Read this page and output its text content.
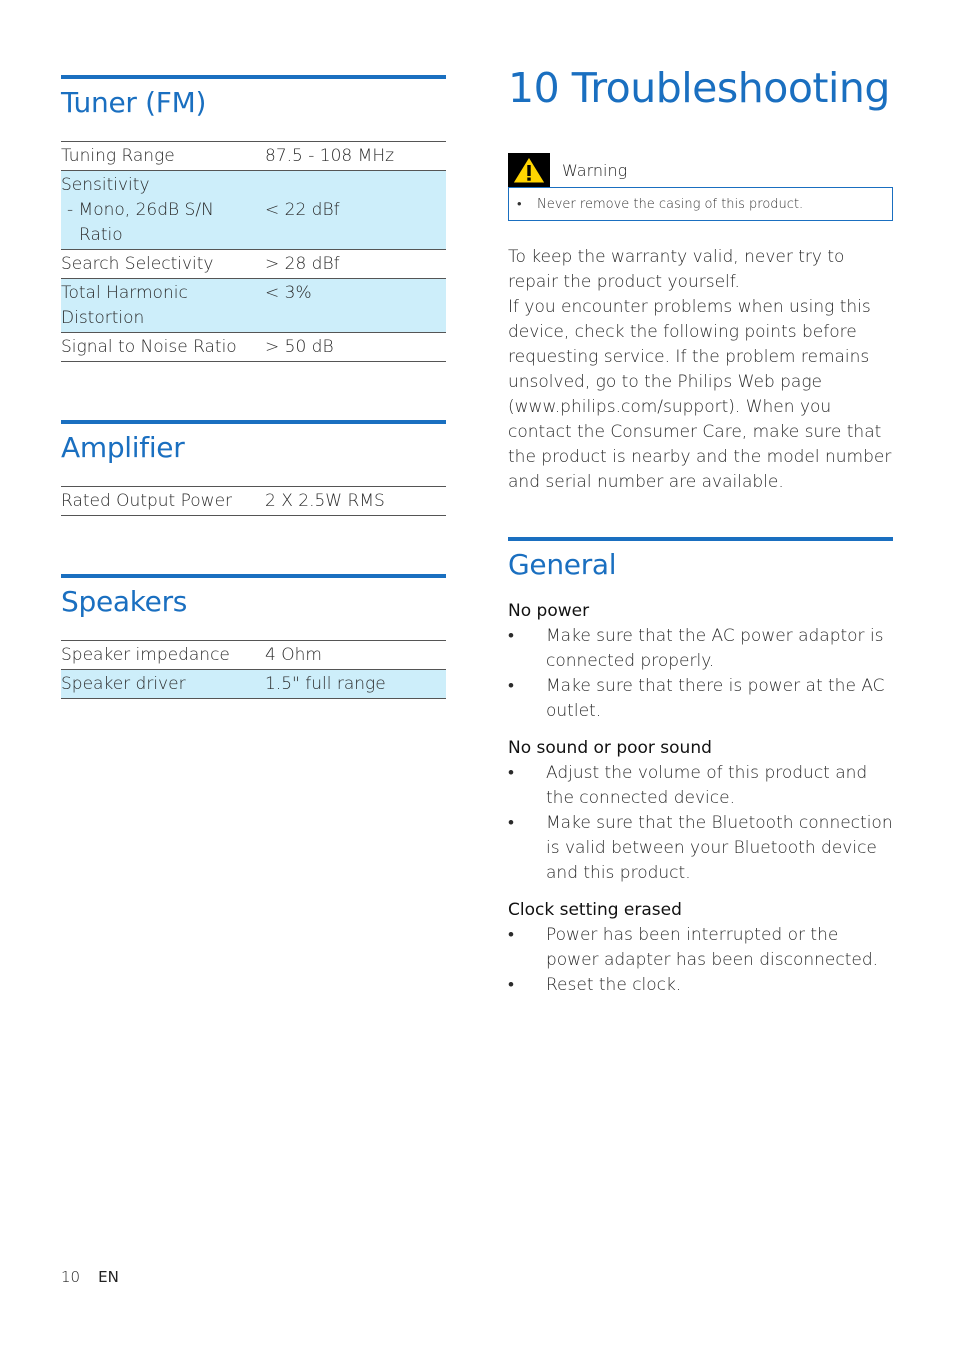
Tuner (FM)
Tuning Range	87.5 - 108 MHz
Sensitivity
- Mono, 26dB S/N
Ratio	< 22 dBf
Search Selectivity	> 28 dBf
Total Harmonic
Distortion	< 3%
Signal to Noise Ratio	> 50 dB
Amplifier
Rated Output Power	2 X 2.5W RMS
Speakers
Speaker impedance	4 Ohm
Speaker driver	1.5" full range
10 Troubleshooting
Warning
• Never remove the casing of this product.
To keep the warranty valid, never try to repair the product yourself.
If you encounter problems when using this device, check the following points before requesting service. If the problem remains unsolved, go to the Philips Web page (www.philips.com/support). When you contact the Consumer Care, make sure that the product is nearby and the model number and serial number are available.
General
No power
• Make sure that the AC power adaptor is connected properly.
• Make sure that there is power at the AC outlet.
No sound or poor sound
• Adjust the volume of this product and the connected device.
• Make sure that the Bluetooth connection is valid between your Bluetooth device and this product.
Clock setting erased
• Power has been interrupted or the power adapter has been disconnected.
• Reset the clock.
10 EN
